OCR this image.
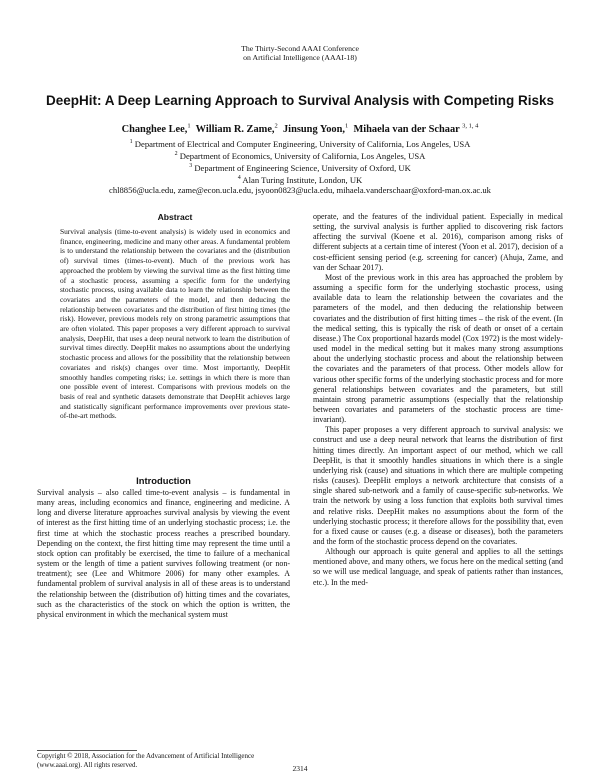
The Thirty-Second AAAI Conference
on Artificial Intelligence (AAAI-18)
DeepHit: A Deep Learning Approach to Survival Analysis with Competing Risks
Changhee Lee,$^1$ William R. Zame,$^2$ Jinsung Yoon,$^1$ Mihaela van der Schaar $^{3, 1, 4}$
$^1$ Department of Electrical and Computer Engineering, University of California, Los Angeles, USA
$^2$ Department of Economics, University of California, Los Angeles, USA
$^3$ Department of Engineering Science, University of Oxford, UK
$^4$ Alan Turing Institute, London, UK
chl8856@ucla.edu, zame@econ.ucla.edu, jsyoon0823@ucla.edu, mihaela.vanderschaar@oxford-man.ox.ac.uk
Abstract

Survival analysis (time-to-event analysis) is widely used in economics and finance, engineering, medicine and many other areas. A fundamental problem is to understand the relationship between the covariates and the (distribution of) survival times (times-to-event). Much of the previous work has approached the problem by viewing the survival time as the first hitting time of a stochastic process, assuming a specific form for the underlying stochastic process, using available data to learn the relationship between the covariates and the parameters of the model, and then deducing the relationship between covariates and the distribution of first hitting times (the risk). However, previous models rely on strong parametric assumptions that are often violated. This paper proposes a very different approach to survival analysis, DeepHit, that uses a deep neural network to learn the distribution of survival times directly. DeepHit makes no assumptions about the underlying stochastic process and allows for the possibility that the relationship between covariates and risk(s) changes over time. Most importantly, DeepHit smoothly handles competing risks; i.e. settings in which there is more than one possible event of interest. Comparisons with previous models on the basis of real and synthetic datasets demonstrate that DeepHit achieves large and statistically significant performance improvements over previous state-of-the-art methods.

Introduction

Survival analysis – also called time-to-event analysis – is fundamental in many areas, including economics and finance, engineering and medicine. A long and diverse literature approaches survival analysis by viewing the event of interest as the first hitting time of an underlying stochastic process; i.e. the first time at which the stochastic process reaches a prescribed boundary. Depending on the context, the first hitting time may represent the time until a stock option can profitably be exercised, the time to failure of a mechanical system or the length of time a patient survives following treatment (or non-treatment); see (Lee and Whitmore 2006) for many other examples. A fundamental problem of survival analysis in all of these areas is to understand the relationship between the (distribution of) hitting times and the covariates, such as the characteristics of the stock on which the option is written, the physical environment in which the mechanical system must

operate, and the features of the individual patient. Especially in medical setting, the survival analysis is further applied to discovering risk factors affecting the survival (Koene et al. 2016), comparison among risks of different subjects at a certain time of interest (Yoon et al. 2017), decision of a cost-efficient sensing period (e.g. screening for cancer) (Ahuja, Zame, and van der Schaar 2017).

Most of the previous work in this area has approached the problem by assuming a specific form for the underlying stochastic process, using available data to learn the relationship between the covariates and the parameters of the model, and then deducing the relationship between covariates and the distribution of first hitting times – the risk of the event. (In the medical setting, this is typically the risk of death or onset of a certain disease.) The Cox proportional hazards model (Cox 1972) is the most widely-used model in the medical setting but it makes many strong assumptions about the underlying stochastic process and about the relationship between the covariates and the parameters of that process. Other models allow for various other specific forms of the underlying stochastic process and for more general relationships between covariates and the parameters, but still maintain strong parametric assumptions (especially that the relationship between covariates and parameters of the stochastic process are time-invariant).

This paper proposes a very different approach to survival analysis: we construct and use a deep neural network that learns the distribution of first hitting times directly. An important aspect of our method, which we call DeepHit, is that it smoothly handles situations in which there is a single underlying risk (cause) and situations in which there are multiple competing risks (causes). DeepHit employs a network architecture that consists of a single shared sub-network and a family of cause-specific sub-networks. We train the network by using a loss function that exploits both survival times and relative risks. DeepHit makes no assumptions about the form of the underlying stochastic process; it therefore allows for the possibility that, even for a fixed cause or causes (e.g. a disease or diseases), both the parameters and the form of the stochastic process depend on the covariates.

Although our approach is quite general and applies to all the settings mentioned above, and many others, we focus here on the medical setting (and so we will use medical language, and speak of patients rather than instances, etc.). In the med-

Copyright © 2018, Association for the Advancement of Artificial Intelligence (www.aaai.org). All rights reserved.	2314
